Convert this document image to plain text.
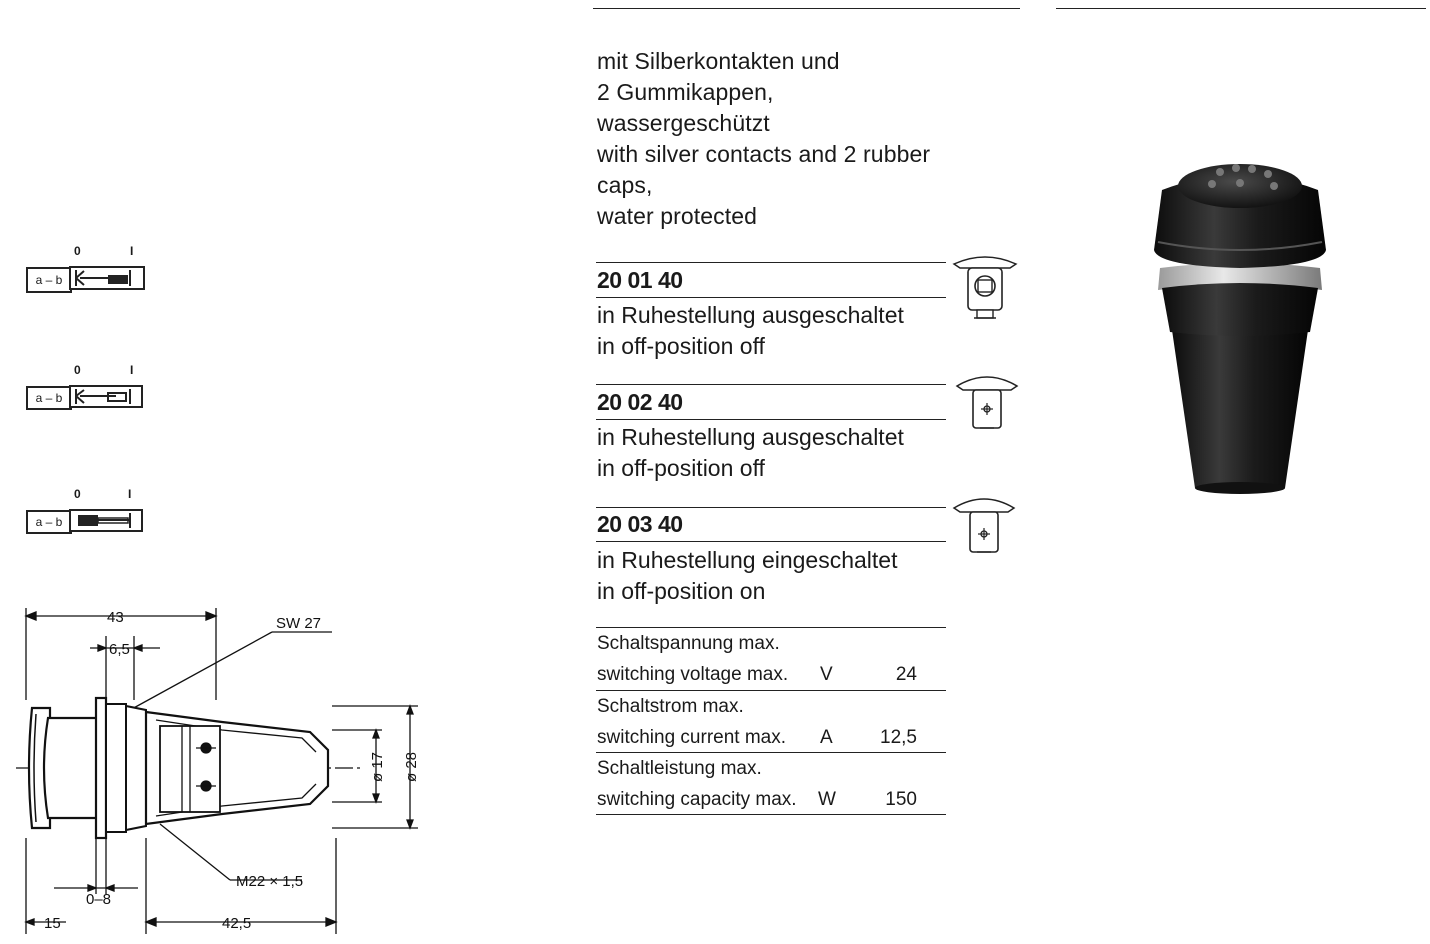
mit Silberkontakten und
2 Gummikappen,
wassergeschützt
with silver contacts and 2 rubber
caps,
water protected
20 01 40
in Ruhestellung ausgeschaltet
in off-position off
20 02 40
in Ruhestellung ausgeschaltet
in off-position off
20 03 40
in Ruhestellung eingeschaltet
in off-position on
Schaltspannung max.
switching voltage max. V	24
Schaltstrom max.
switching current max. A	12,5
Schaltleistung max.
switching capacity max. W	150
0	I
a – b
0	I
a – b
0	I
a – b
43
6,5
SW 27
ø 17 ø 28
M22 × 1,5
0–8
15	42,5
